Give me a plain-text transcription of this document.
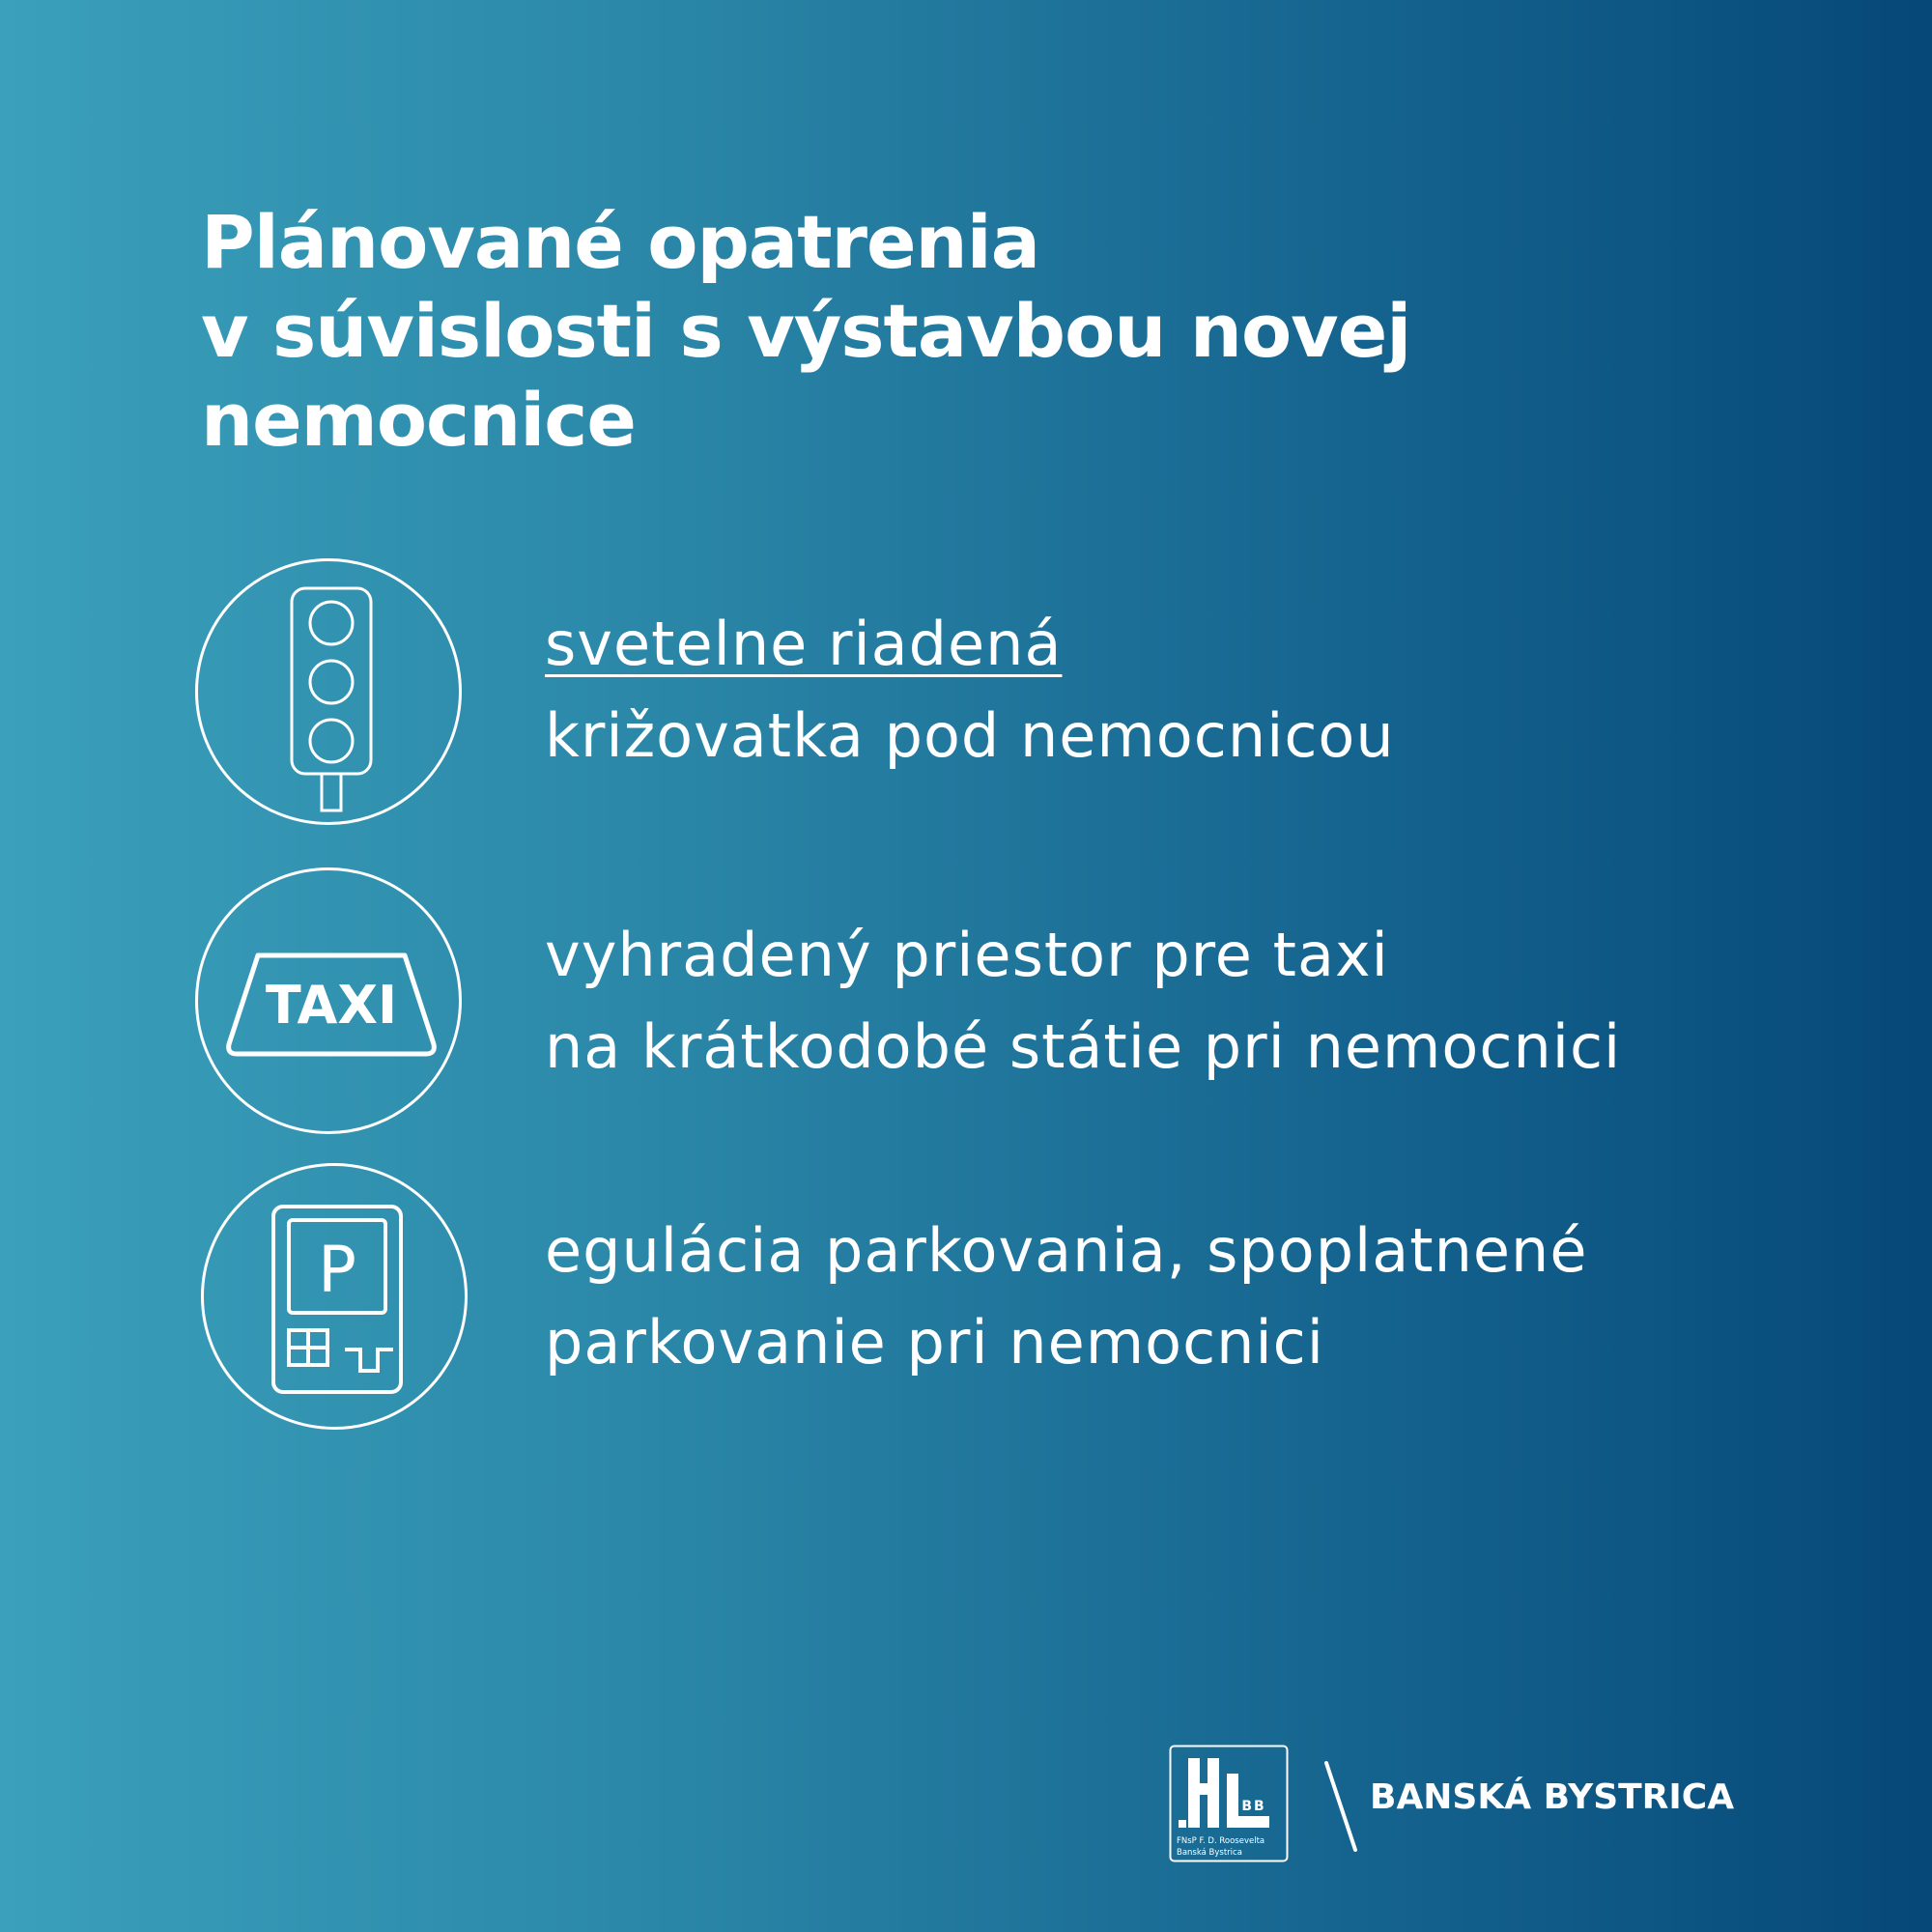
Plánované opatrenia
v súvislosti s výstavbou novej
nemocnice
svetelne riadená
križovatka pod nemocnicou
TAXI
vyhradený priestor pre taxi
na krátkodobé státie pri nemocnici
P	egulácia parkovania, spoplatnené
parkovanie pri nemocnici
BB
FNsP F. D. Roosevelta
Banská Bystrica
BANSKÁ BYSTRICA
